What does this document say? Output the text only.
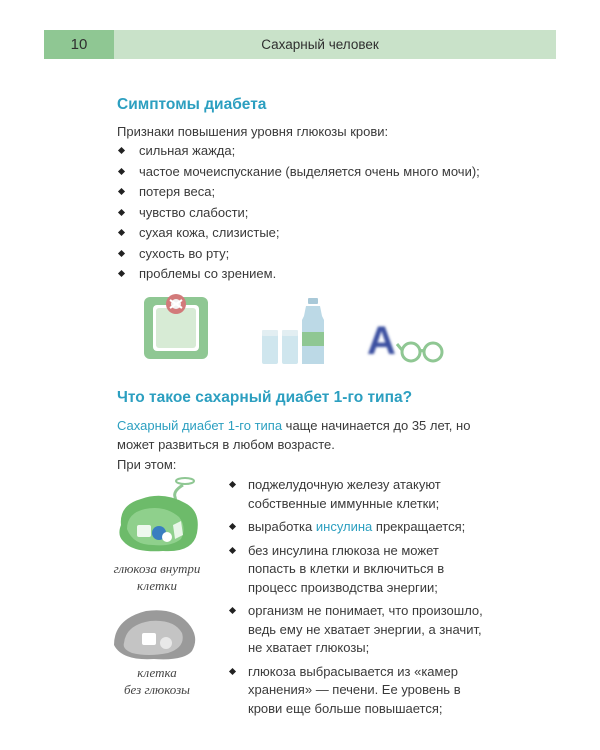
10	Сахарный человек
Симптомы диабета
Признаки повышения уровня глюкозы крови:
сильная жажда;
частое мочеиспускание (выделяется очень много мочи);
потеря веса;
чувство слабости;
сухая кожа, слизистые;
сухость во рту;
проблемы со зрением.
A
Что такое сахарный диабет 1-го типа?
Сахарный диабет 1-го типа чаще начинается до 35 лет, но может развиться в любом возрасте.
При этом:
глюкоза внутри
клетки
клетка
без глюкозы
поджелудочную железу атакуют собственные иммунные клетки;
выработка инсулина прекращается;
без инсулина глюкоза не может попасть в клетки и включиться в процесс производства энергии;
организм не понимает, что произошло, ведь ему не хватает энергии, а значит, не хватает глюкозы;
глюкоза выбрасывается из «камер хранения» — печени. Ее уровень в крови еще больше повышается;
